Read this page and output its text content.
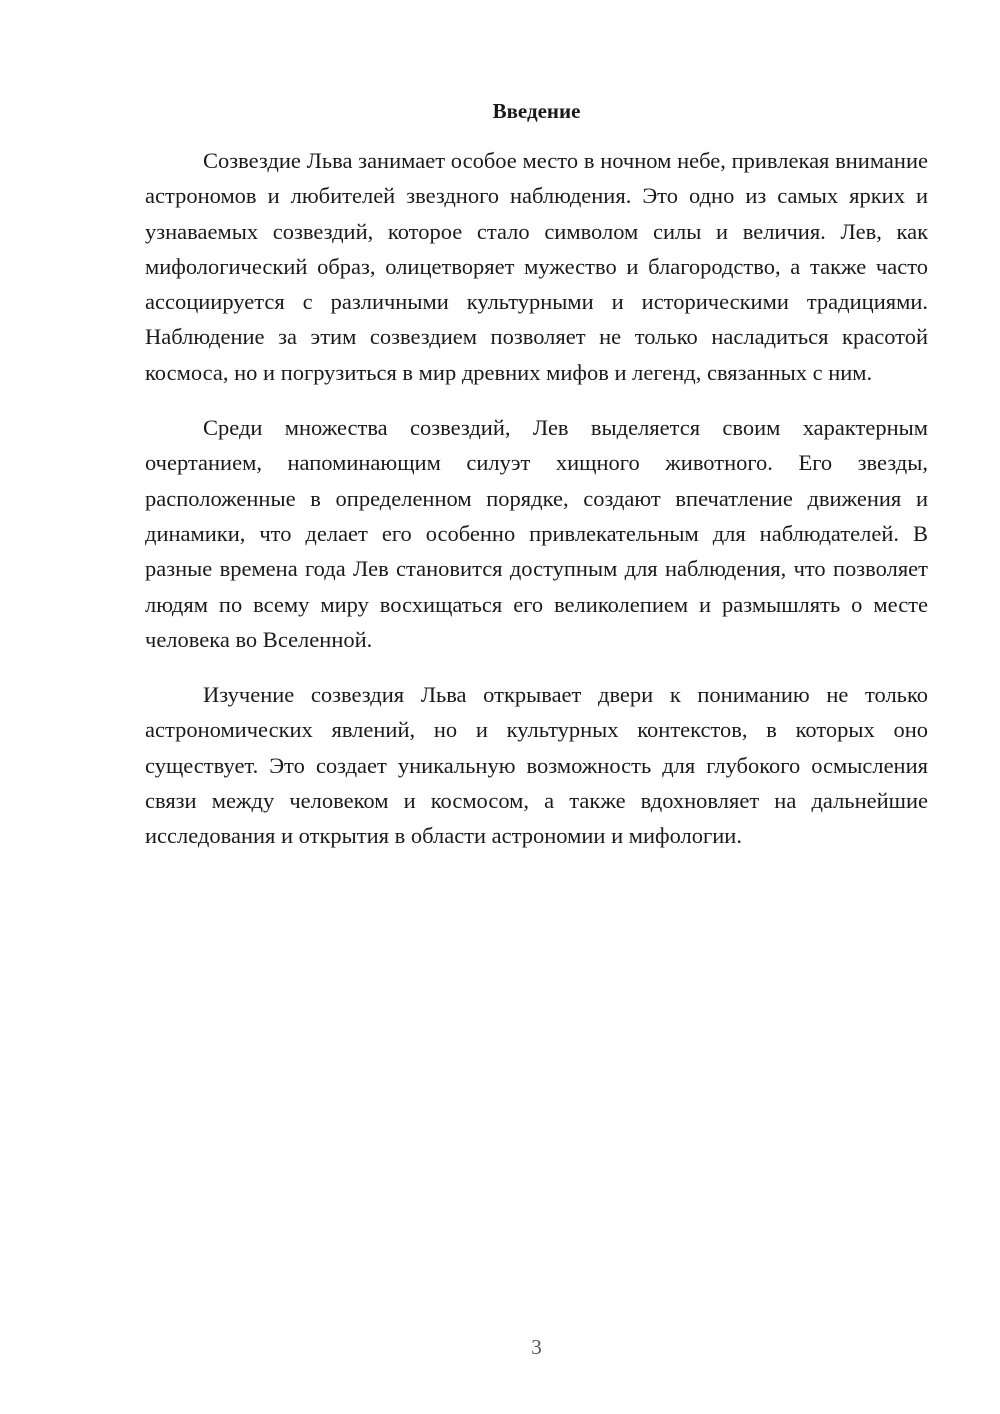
Введение

Созвездие Льва занимает особое место в ночном небе, привлекая внимание астрономов и любителей звездного наблюдения. Это одно из самых ярких и узнаваемых созвездий, которое стало символом силы и величия. Лев, как мифологический образ, олицетворяет мужество и благородство, а также часто ассоциируется с различными культурными и историческими традициями. Наблюдение за этим созвездием позволяет не только насладиться красотой космоса, но и погрузиться в мир древних мифов и легенд, связанных с ним.

Среди множества созвездий, Лев выделяется своим характерным очертанием, напоминающим силуэт хищного животного. Его звезды, расположенные в определенном порядке, создают впечатление движения и динамики, что делает его особенно привлекательным для наблюдателей. В разные времена года Лев становится доступным для наблюдения, что позволяет людям по всему миру восхищаться его великолепием и размышлять о месте человека во Вселенной.

Изучение созвездия Льва открывает двери к пониманию не только астрономических явлений, но и культурных контекстов, в которых оно существует. Это создает уникальную возможность для глубокого осмысления связи между человеком и космосом, а также вдохновляет на дальнейшие исследования и открытия в области астрономии и мифологии.

3
